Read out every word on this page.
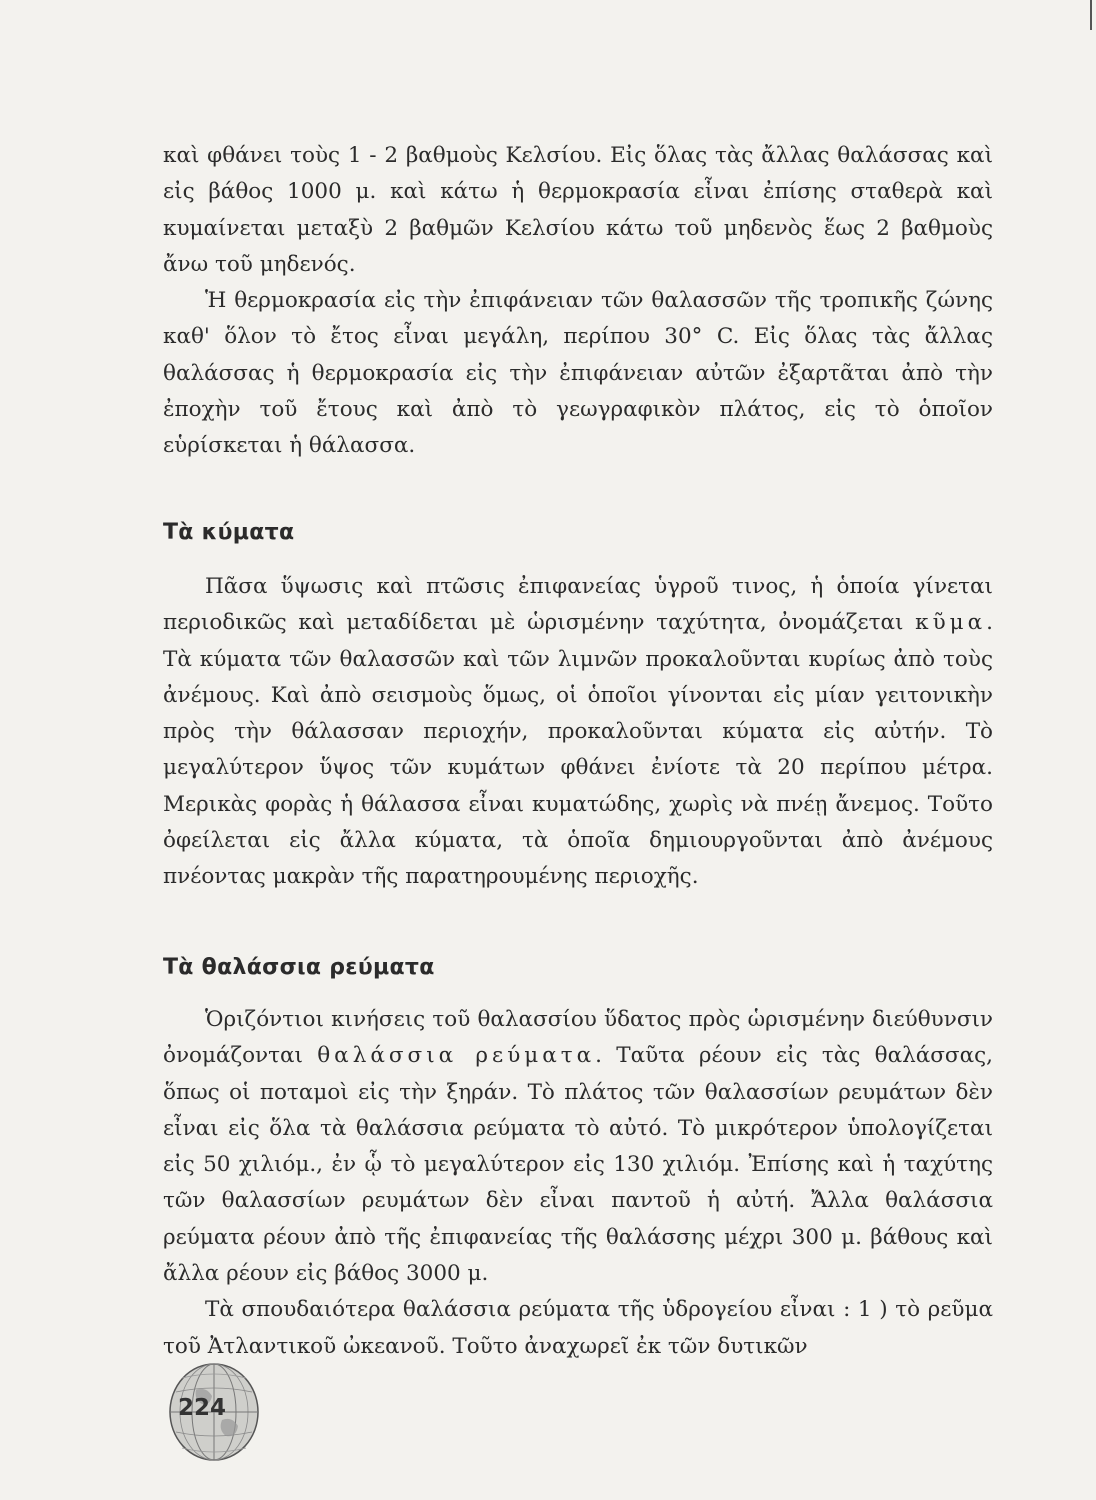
καὶ φθάνει τοὺς 1 - 2 βαθμοὺς Κελσίου. Εἰς ὅλας τὰς ἄλλας θαλάσσας καὶ εἰς βάθος 1000 μ. καὶ κάτω ἡ θερμοκρασία εἶναι ἐπίσης σταθερὰ καὶ κυμαίνεται μεταξὺ 2 βαθμῶν Κελσίου κάτω τοῦ μηδενὸς ἕως 2 βαθμοὺς ἄνω τοῦ μηδενός.

Ἡ θερμοκρασία εἰς τὴν ἐπιφάνειαν τῶν θαλασσῶν τῆς τροπικῆς ζώνης καθ' ὅλον τὸ ἔτος εἶναι μεγάλη, περίπου 30° C. Εἰς ὅλας τὰς ἄλλας θαλάσσας ἡ θερμοκρασία εἰς τὴν ἐπιφάνειαν αὐτῶν ἐξαρτᾶται ἀπὸ τὴν ἐποχὴν τοῦ ἔτους καὶ ἀπὸ τὸ γεωγραφικὸν πλάτος, εἰς τὸ ὁποῖον εὑρίσκεται ἡ θάλασσα.

Τὰ κύματα

Πᾶσα ὕψωσις καὶ πτῶσις ἐπιφανείας ὑγροῦ τινος, ἡ ὁποία γίνεται περιοδικῶς καὶ μεταδίδεται μὲ ὡρισμένην ταχύτητα, ὀνομάζεται κῦμα. Τὰ κύματα τῶν θαλασσῶν καὶ τῶν λιμνῶν προκαλοῦνται κυρίως ἀπὸ τοὺς ἀνέμους. Καὶ ἀπὸ σεισμοὺς ὅμως, οἱ ὁποῖοι γίνονται εἰς μίαν γειτονικὴν πρὸς τὴν θάλασσαν περιοχήν, προκαλοῦνται κύματα εἰς αὐτήν. Τὸ μεγαλύτερον ὕψος τῶν κυμάτων φθάνει ἐνίοτε τὰ 20 περίπου μέτρα. Μερικὰς φορὰς ἡ θάλασσα εἶναι κυματώδης, χωρὶς νὰ πνέῃ ἄνεμος. Τοῦτο ὀφείλεται εἰς ἄλλα κύματα, τὰ ὁποῖα δημιουργοῦνται ἀπὸ ἀνέμους πνέοντας μακρὰν τῆς παρατηρουμένης περιοχῆς.

Τὰ θαλάσσια ρεύματα

Ὁριζόντιοι κινήσεις τοῦ θαλασσίου ὕδατος πρὸς ὡρισμένην διεύθυνσιν ὀνομάζονται θαλάσσια ρεύματα. Ταῦτα ρέουν εἰς τὰς θαλάσσας, ὅπως οἱ ποταμοὶ εἰς τὴν ξηράν. Τὸ πλάτος τῶν θαλασσίων ρευμάτων δὲν εἶναι εἰς ὅλα τὰ θαλάσσια ρεύματα τὸ αὐτό. Τὸ μικρότερον ὑπολογίζεται εἰς 50 χιλιόμ., ἐν ᾧ τὸ μεγαλύτερον εἰς 130 χιλιόμ. Ἐπίσης καὶ ἡ ταχύτης τῶν θαλασσίων ρευμάτων δὲν εἶναι παντοῦ ἡ αὐτή. Ἄλλα θαλάσσια ρεύματα ρέουν ἀπὸ τῆς ἐπιφανείας τῆς θαλάσσης μέχρι 300 μ. βάθους καὶ ἄλλα ρέουν εἰς βάθος 3000 μ.

Τὰ σπουδαιότερα θαλάσσια ρεύματα τῆς ὑδρογείου εἶναι : 1 ) τὸ ρεῦμα τοῦ Ἀτλαντικοῦ ὠκεανοῦ. Τοῦτο ἀναχωρεῖ ἐκ τῶν δυτικῶν

224
